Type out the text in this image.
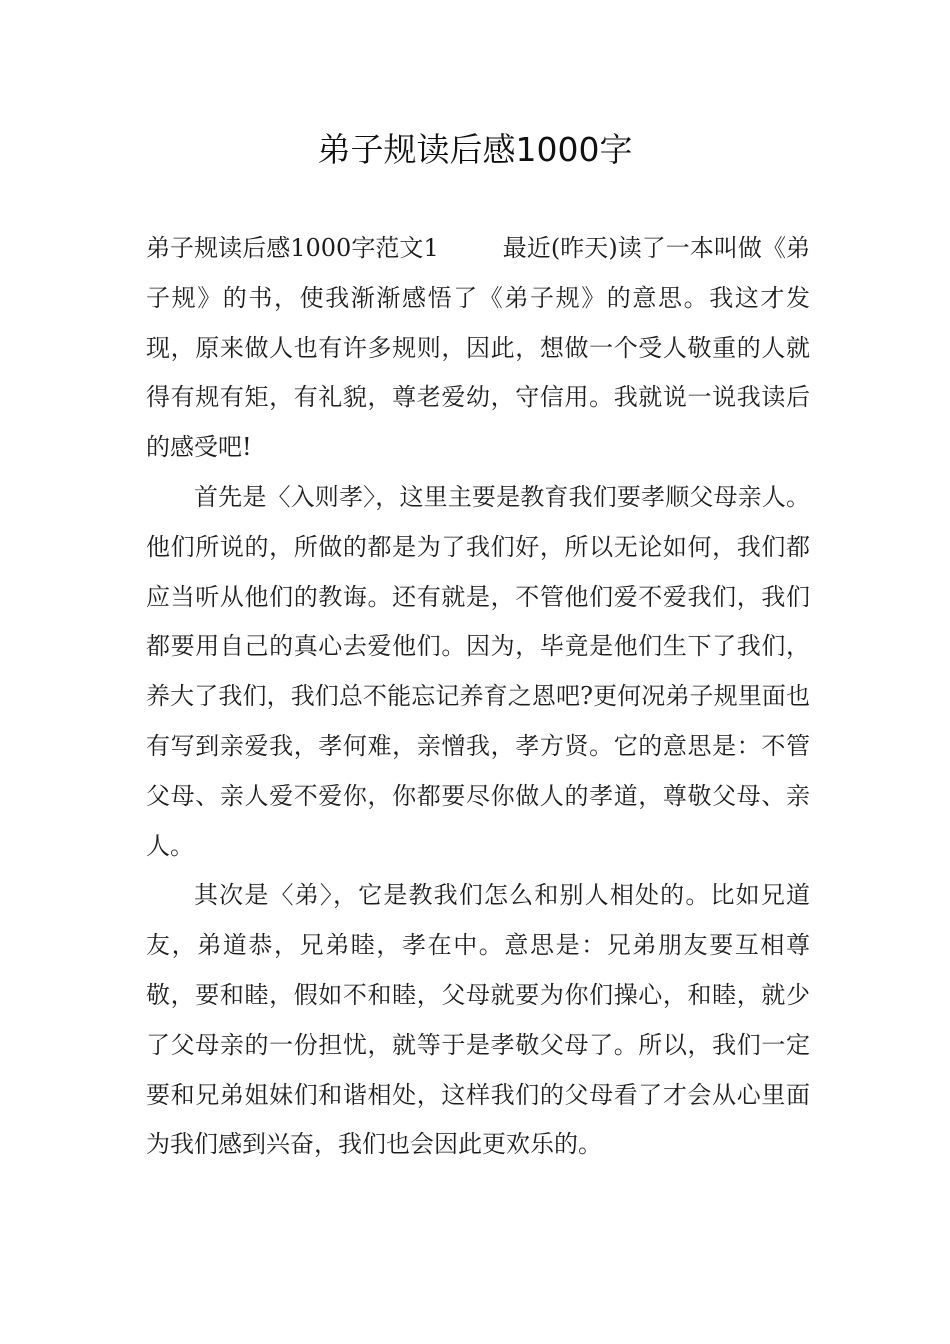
弟子规读后感1000字

弟子规读后感1000字范文1	最近(昨天)读了一本叫做《弟子规》的书，使我渐渐感悟了《弟子规》的意思。我这才发现，原来做人也有许多规则，因此，想做一个受人敬重的人就得有规有矩，有礼貌，尊老爱幼，守信用。我就说一说我读后的感受吧!

首先是〈入则孝〉，这里主要是教育我们要孝顺父母亲人。他们所说的，所做的都是为了我们好，所以无论如何，我们都应当听从他们的教诲。还有就是，不管他们爱不爱我们，我们都要用自己的真心去爱他们。因为，毕竟是他们生下了我们，养大了我们，我们总不能忘记养育之恩吧?更何况弟子规里面也有写到亲爱我，孝何难，亲憎我，孝方贤。它的意思是：不管父母、亲人爱不爱你，你都要尽你做人的孝道，尊敬父母、亲人。

其次是〈弟〉，它是教我们怎么和别人相处的。比如兄道友，弟道恭，兄弟睦，孝在中。意思是：兄弟朋友要互相尊敬，要和睦，假如不和睦，父母就要为你们操心，和睦，就少了父母亲的一份担忧，就等于是孝敬父母了。所以，我们一定要和兄弟姐妹们和谐相处，这样我们的父母看了才会从心里面为我们感到兴奋，我们也会因此更欢乐的。
